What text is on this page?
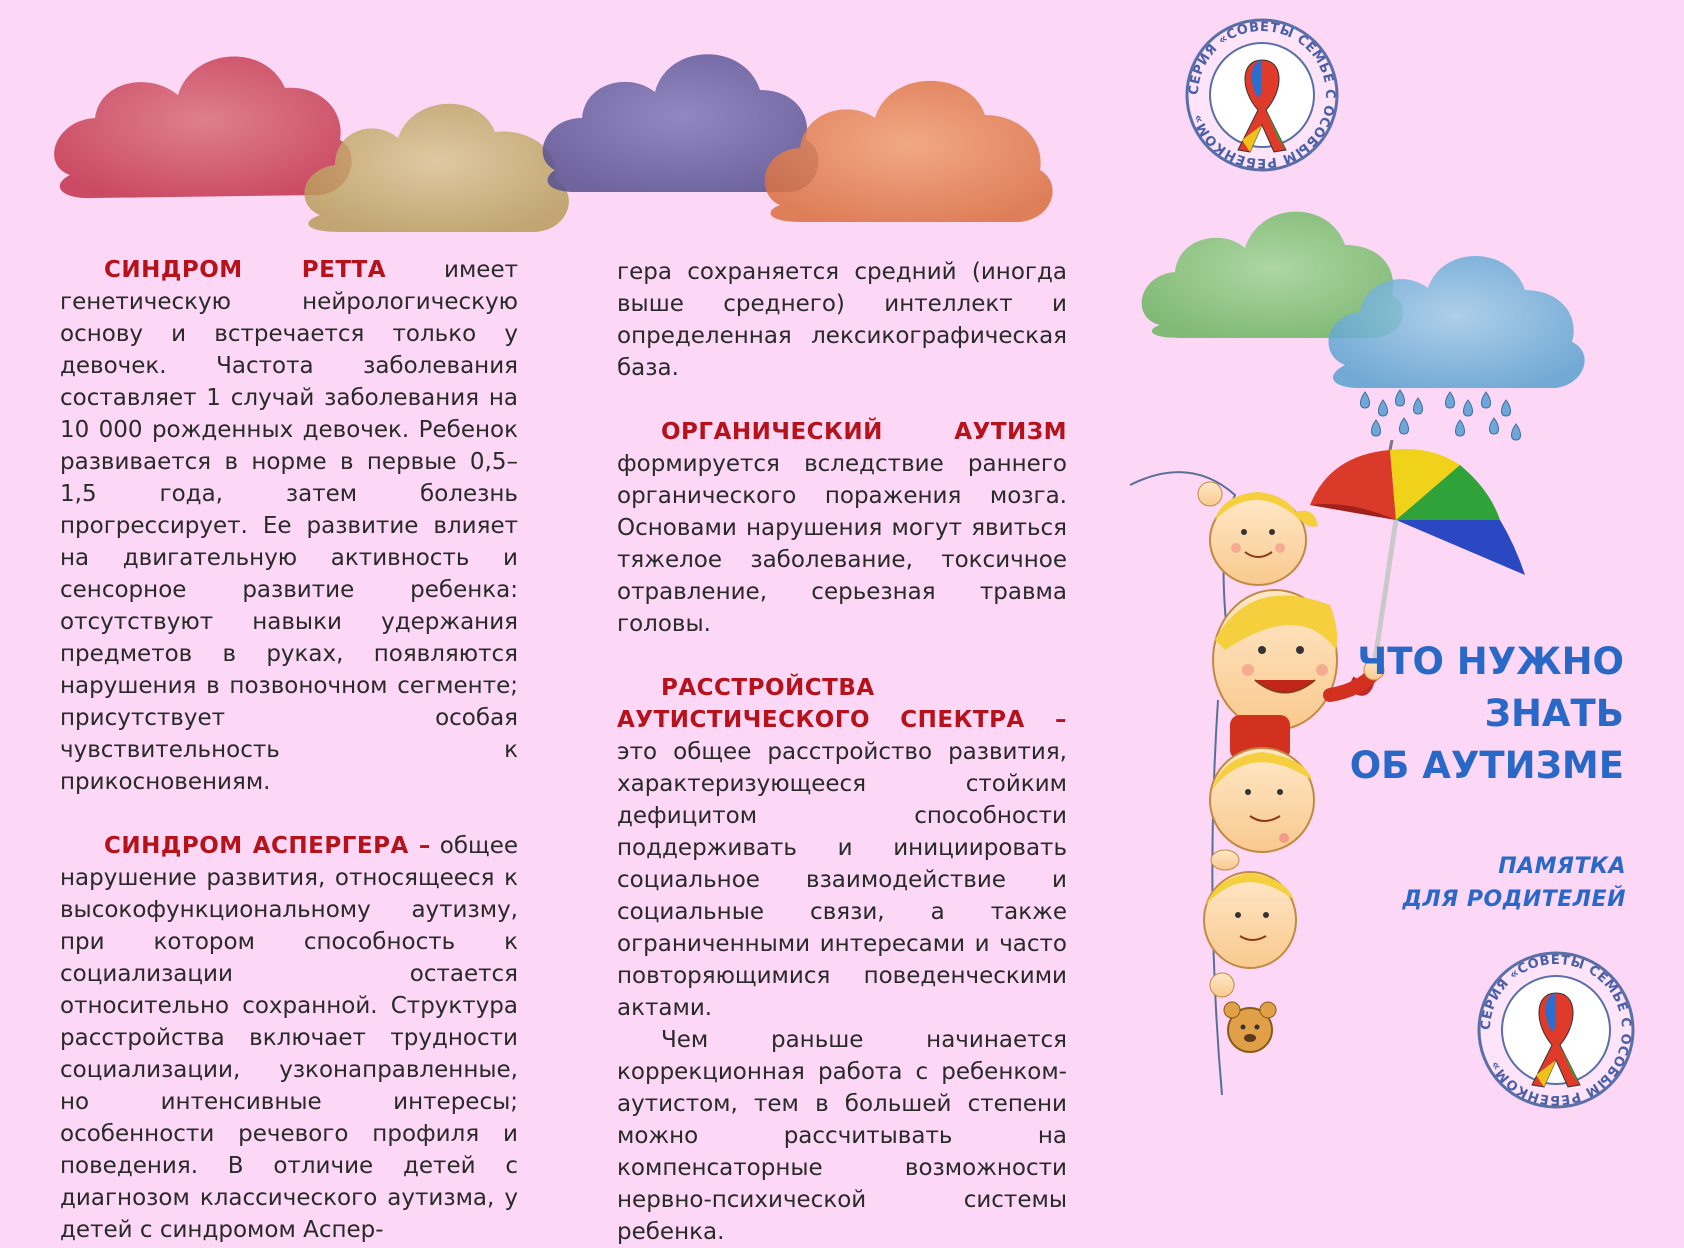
СЕРИЯ «СОВЕТЫ СЕМЬЕ С ОСОБЫМ РЕБЕНКОМ»
СЕРИЯ «СОВЕТЫ СЕМЬЕ С ОСОБЫМ РЕБЕНКОМ»

СИНДРОМ РЕТТА имеет генетическую нейрологическую основу и встречается только у девочек. Частота заболевания составляет 1 случай заболевания на 10 000 рожденных девочек. Ребенок развивается в норме в первые 0,5–1,5 года, затем болезнь прогрессирует. Ее развитие влияет на двигательную активность и сенсорное развитие ребенка: отсутствуют навыки удержания предметов в руках, появляются нарушения в позвоночном сегменте; присутствует особая чувствительность к прикосновениям.

СИНДРОМ АСПЕРГЕРА – общее нарушение развития, относящееся к высокофункциональному аутизму, при котором способность к социализации остается относительно сохранной. Структура расстройства включает трудности социализации, узконаправленные, но интенсивные интересы; особенности речевого профиля и поведения. В отличие детей с диагнозом классического аутизма, у детей с синдромом Аспер-

гера сохраняется средний (иногда выше среднего) интеллект и определенная лексикографическая база.

ОРГАНИЧЕСКИЙ АУТИЗМ формируется вследствие раннего органического поражения мозга. Основами нарушения могут явиться тяжелое заболевание, токсичное отравление, серьезная травма головы.

РАССТРОЙСТВА АУТИСТИЧЕСКОГО СПЕКТРА – это общее расстройство развития, характеризующееся стойким дефицитом способности поддерживать и инициировать социальное взаимодействие и социальные связи, а также ограниченными интересами и часто повторяющимися поведенческими актами.

Чем раньше начинается коррекционная работа с ребенком-аутистом, тем в большей степени можно рассчитывать на компенсаторные возможности нервно-психической системы ребенка.

ЧТО НУЖНО
ЗНАТЬ
ОБ АУТИЗМЕ
ПАМЯТКА
ДЛЯ РОДИТЕЛЕЙ
